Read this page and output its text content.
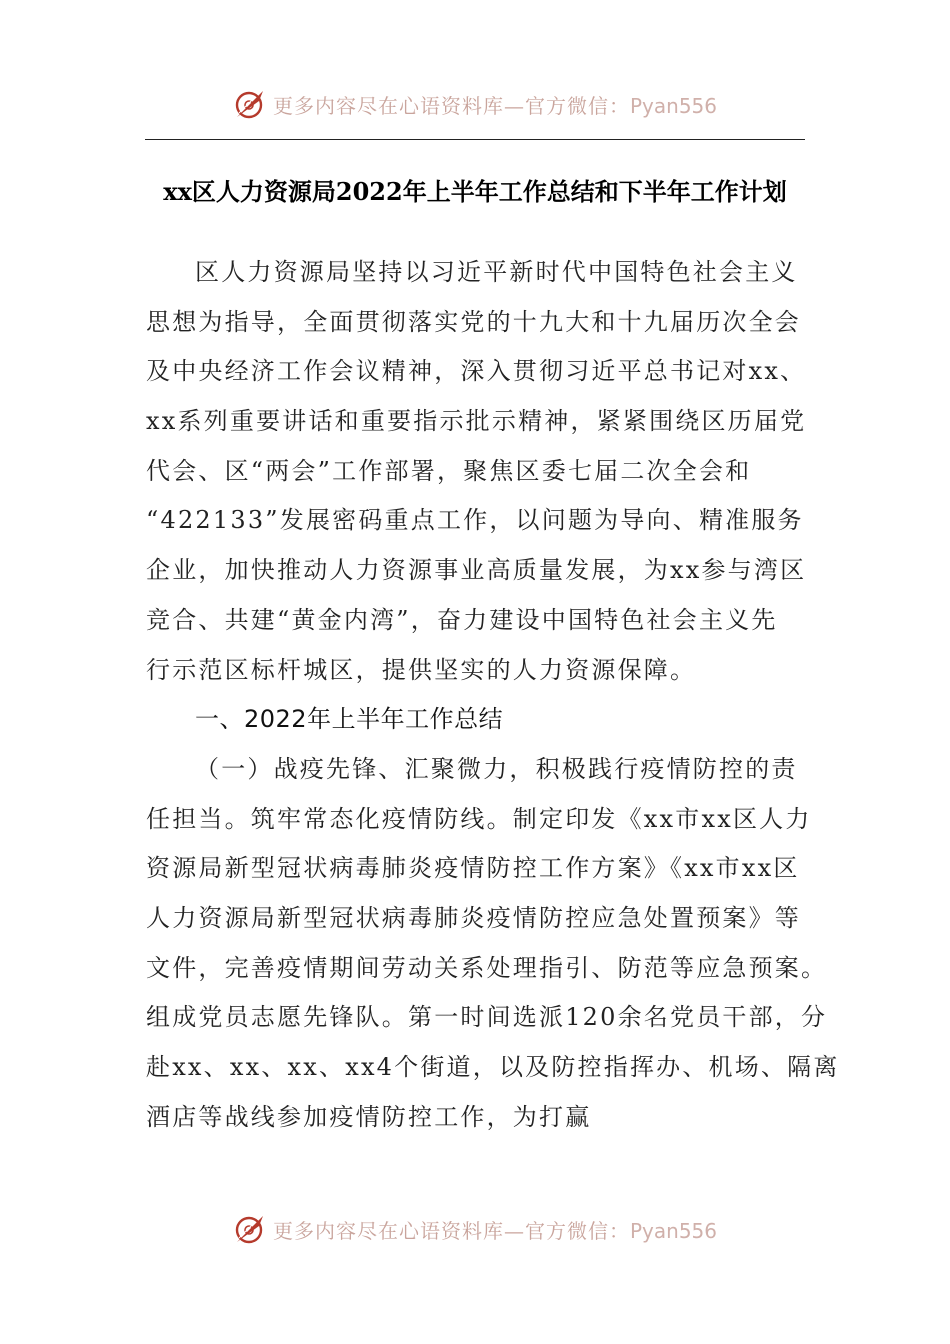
更多内容尽在心语资料库—官方微信：Pyan556
xx区人力资源局2022年上半年工作总结和下半年工作计划
区人力资源局坚持以习近平新时代中国特色社会主义
思想为指导，全面贯彻落实党的十九大和十九届历次全会
及中央经济工作会议精神，深入贯彻习近平总书记对xx、
xx系列重要讲话和重要指示批示精神，紧紧围绕区历届党
代会、区“两会”工作部署，聚焦区委七届二次全会和
“422133”发展密码重点工作，以问题为导向、精准服务
企业，加快推动人力资源事业高质量发展，为xx参与湾区
竞合、共建“黄金内湾”，奋力建设中国特色社会主义先
行示范区标杆城区，提供坚实的人力资源保障。
一、2022年上半年工作总结
（一）战疫先锋、汇聚微力，积极践行疫情防控的责
任担当。筑牢常态化疫情防线。制定印发《xx市xx区人力
资源局新型冠状病毒肺炎疫情防控工作方案》《xx市xx区
人力资源局新型冠状病毒肺炎疫情防控应急处置预案》等
文件，完善疫情期间劳动关系处理指引、防范等应急预案。
组成党员志愿先锋队。第一时间选派120余名党员干部，分
赴xx、xx、xx、xx4个街道，以及防控指挥办、机场、隔离
酒店等战线参加疫情防控工作，为打赢
更多内容尽在心语资料库—官方微信：Pyan556
